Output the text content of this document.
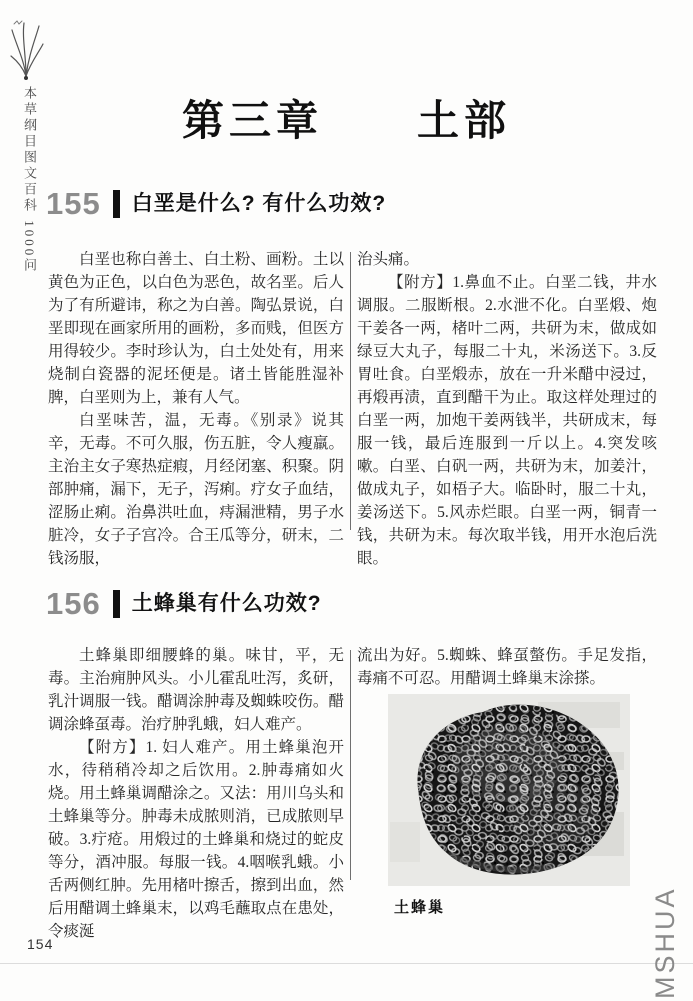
本草纲目图文百科 1000问	第三章　　土部
155 白垩是什么? 有什么功效?

白垩也称白善土、白土粉、画粉。土以黄色为正色，以白色为恶色，故名垩。后人为了有所避讳，称之为白善。陶弘景说，白垩即现在画家所用的画粉，多而贱，但医方用得较少。李时珍认为，白土处处有，用来烧制白瓷器的泥坯便是。诸土皆能胜湿补脾，白垩则为上，兼有人气。

白垩味苦，温，无毒。《别录》说其辛，无毒。不可久服，伤五脏，令人瘦羸。主治主女子寒热症瘕，月经闭塞、积聚。阴部肿痛，漏下，无子，泻痢。疗女子血结，涩肠止痢。治鼻洪吐血，痔漏泄精，男子水脏冷，女子子宫冷。合王瓜等分，研末，二钱汤服，

治头痛。

【附方】1.鼻血不止。白垩二钱，井水调服。二服断根。2.水泄不化。白垩煅、炮干姜各一两，楮叶二两，共研为末，做成如绿豆大丸子，每服二十丸，米汤送下。3.反胃吐食。白垩煅赤，放在一升米醋中浸过，再煅再渍，直到醋干为止。取这样处理过的白垩一两，加炮干姜两钱半，共研成末，每服一钱，最后连服到一斤以上。4.突发咳嗽。白垩、白矾一两，共研为末，加姜汁，做成丸子，如梧子大。临卧时，服二十丸，姜汤送下。5.风赤烂眼。白垩一两，铜青一钱，共研为末。每次取半钱，用开水泡后洗眼。

156 土蜂巢有什么功效?

土蜂巢即细腰蜂的巢。味甘，平，无毒。主治痈肿风头。小儿霍乱吐泻，炙研，乳汁调服一钱。醋调涂肿毒及蜘蛛咬伤。醋调涂蜂虿毒。治疗肿乳蛾，妇人难产。

【附方】1. 妇人难产。用土蜂巢泡开水，待稍稍冷却之后饮用。2.肿毒痛如火烧。用土蜂巢调醋涂之。又法：用川乌头和土蜂巢等分。肿毒未成脓则消，已成脓则早破。3.疔疮。用煅过的土蜂巢和烧过的蛇皮等分，酒冲服。每服一钱。4.咽喉乳蛾。小舌两侧红肿。先用楮叶擦舌，擦到出血，然后用醋调土蜂巢末，以鸡毛蘸取点在患处，令痰涎

流出为好。5.蜘蛛、蜂虿螫伤。手足发指，毒痛不可忍。用醋调土蜂巢末涂搽。

土蜂巢
154	MSHUA
